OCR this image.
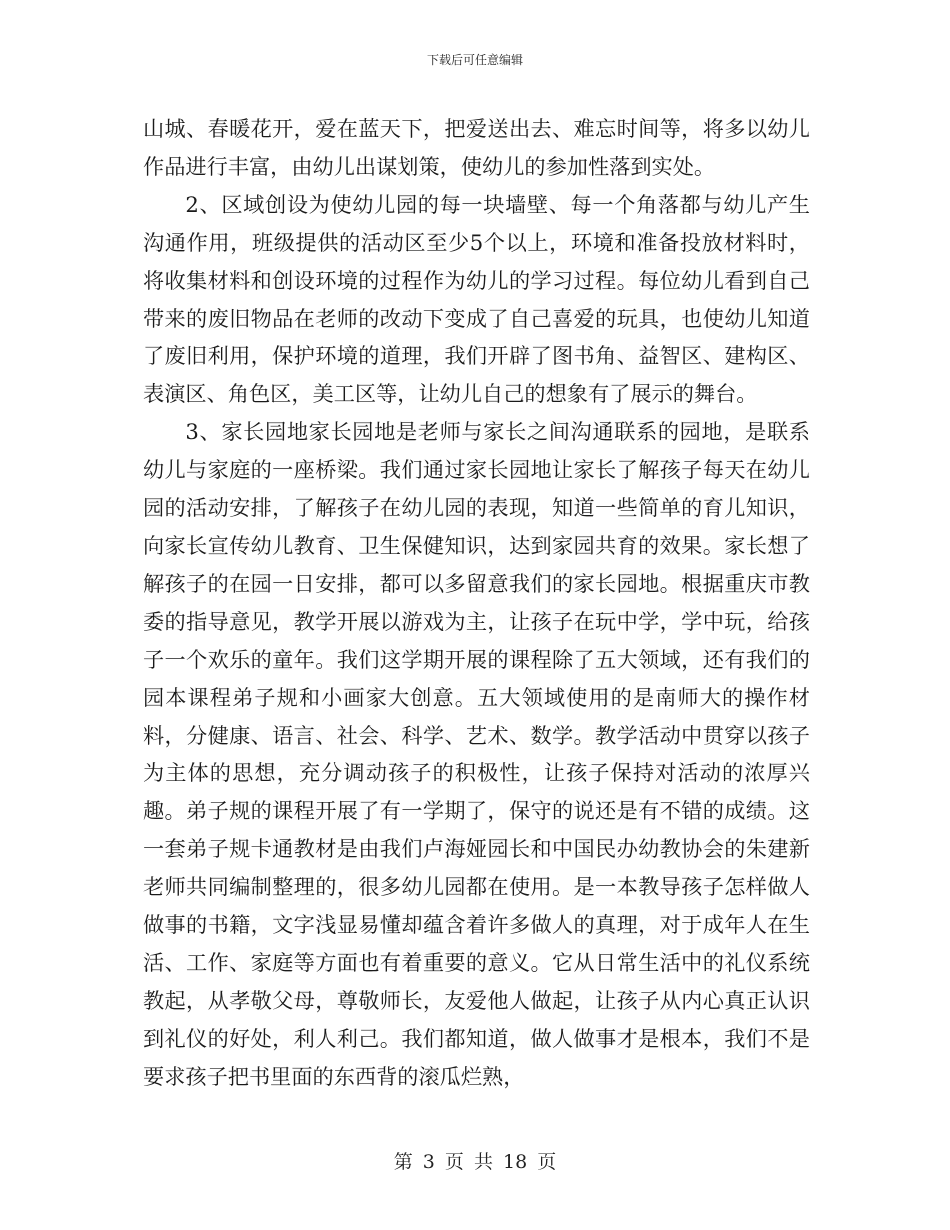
下载后可任意编辑

山城、春暖花开，爱在蓝天下，把爱送出去、难忘时间等，将多以幼儿作品进行丰富，由幼儿出谋划策，使幼儿的参加性落到实处。

2、区域创设为使幼儿园的每一块墙壁、每一个角落都与幼儿产生沟通作用，班级提供的活动区至少5个以上，环境和准备投放材料时，将收集材料和创设环境的过程作为幼儿的学习过程。每位幼儿看到自己带来的废旧物品在老师的改动下变成了自己喜爱的玩具，也使幼儿知道了废旧利用，保护环境的道理，我们开辟了图书角、益智区、建构区、表演区、角色区，美工区等，让幼儿自己的想象有了展示的舞台。

3、家长园地家长园地是老师与家长之间沟通联系的园地，是联系幼儿与家庭的一座桥梁。我们通过家长园地让家长了解孩子每天在幼儿园的活动安排，了解孩子在幼儿园的表现，知道一些简单的育儿知识，向家长宣传幼儿教育、卫生保健知识，达到家园共育的效果。家长想了解孩子的在园一日安排，都可以多留意我们的家长园地。根据重庆市教委的指导意见，教学开展以游戏为主，让孩子在玩中学，学中玩，给孩子一个欢乐的童年。我们这学期开展的课程除了五大领域，还有我们的园本课程弟子规和小画家大创意。五大领域使用的是南师大的操作材料，分健康、语言、社会、科学、艺术、数学。教学活动中贯穿以孩子为主体的思想，充分调动孩子的积极性，让孩子保持对活动的浓厚兴趣。弟子规的课程开展了有一学期了，保守的说还是有不错的成绩。这一套弟子规卡通教材是由我们卢海娅园长和中国民办幼教协会的朱建新老师共同编制整理的，很多幼儿园都在使用。是一本教导孩子怎样做人做事的书籍，文字浅显易懂却蕴含着许多做人的真理，对于成年人在生活、工作、家庭等方面也有着重要的意义。它从日常生活中的礼仪系统教起，从孝敬父母，尊敬师长，友爱他人做起，让孩子从内心真正认识到礼仪的好处，利人利己。我们都知道，做人做事才是根本，我们不是要求孩子把书里面的东西背的滚瓜烂熟，

第 3 页 共 18 页
